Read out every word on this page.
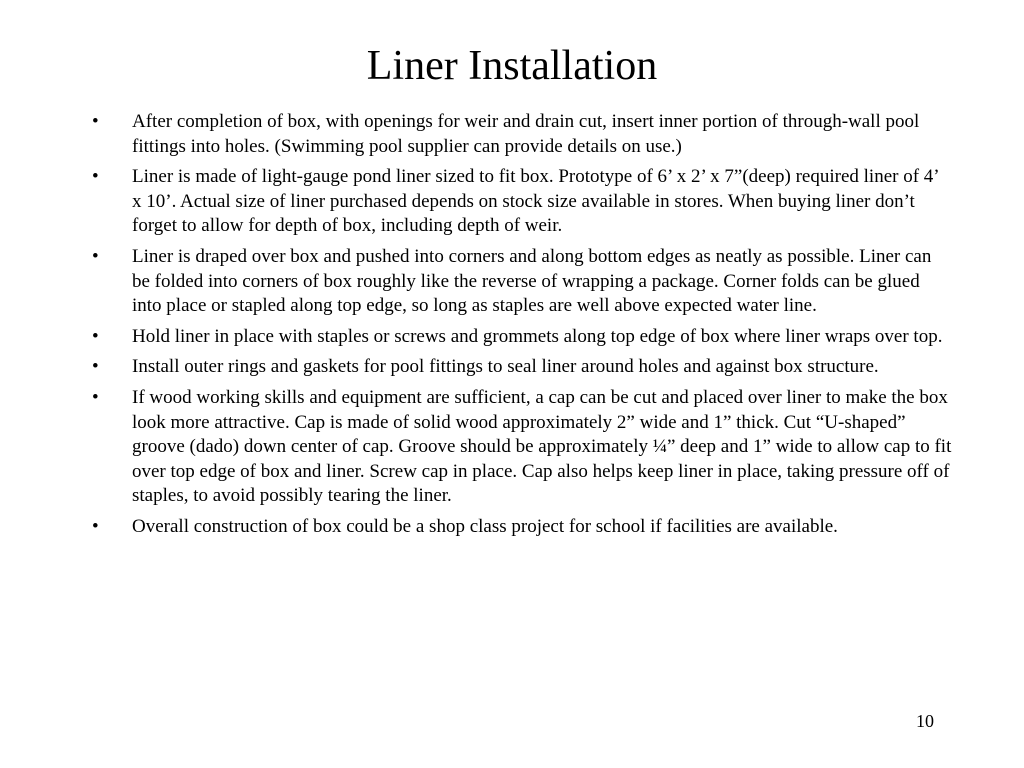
Liner Installation
• After completion of box, with openings for weir and drain cut, insert inner portion of through-wall pool fittings into holes. (Swimming pool supplier can provide details on use.)
• Liner is made of light-gauge pond liner sized to fit box. Prototype of 6’ x 2’ x 7”(deep) required liner of 4’ x 10’. Actual size of liner purchased depends on stock size available in stores. When buying liner don’t forget to allow for depth of box, including depth of weir.
• Liner is draped over box and pushed into corners and along bottom edges as neatly as possible. Liner can be folded into corners of box roughly like the reverse of wrapping a package. Corner folds can be glued into place or stapled along top edge, so long as staples are well above expected water line.
• Hold liner in place with staples or screws and grommets along top edge of box where liner wraps over top.
• Install outer rings and gaskets for pool fittings to seal liner around holes and against box structure.
• If wood working skills and equipment are sufficient, a cap can be cut and placed over liner to make the box look more attractive. Cap is made of solid wood approximately 2” wide and 1” thick. Cut “U-shaped” groove (dado) down center of cap. Groove should be approximately ¼” deep and 1” wide to allow cap to fit over top edge of box and liner. Screw cap in place. Cap also helps keep liner in place, taking pressure off of staples, to avoid possibly tearing the liner.
• Overall construction of box could be a shop class project for school if facilities are available.
10
